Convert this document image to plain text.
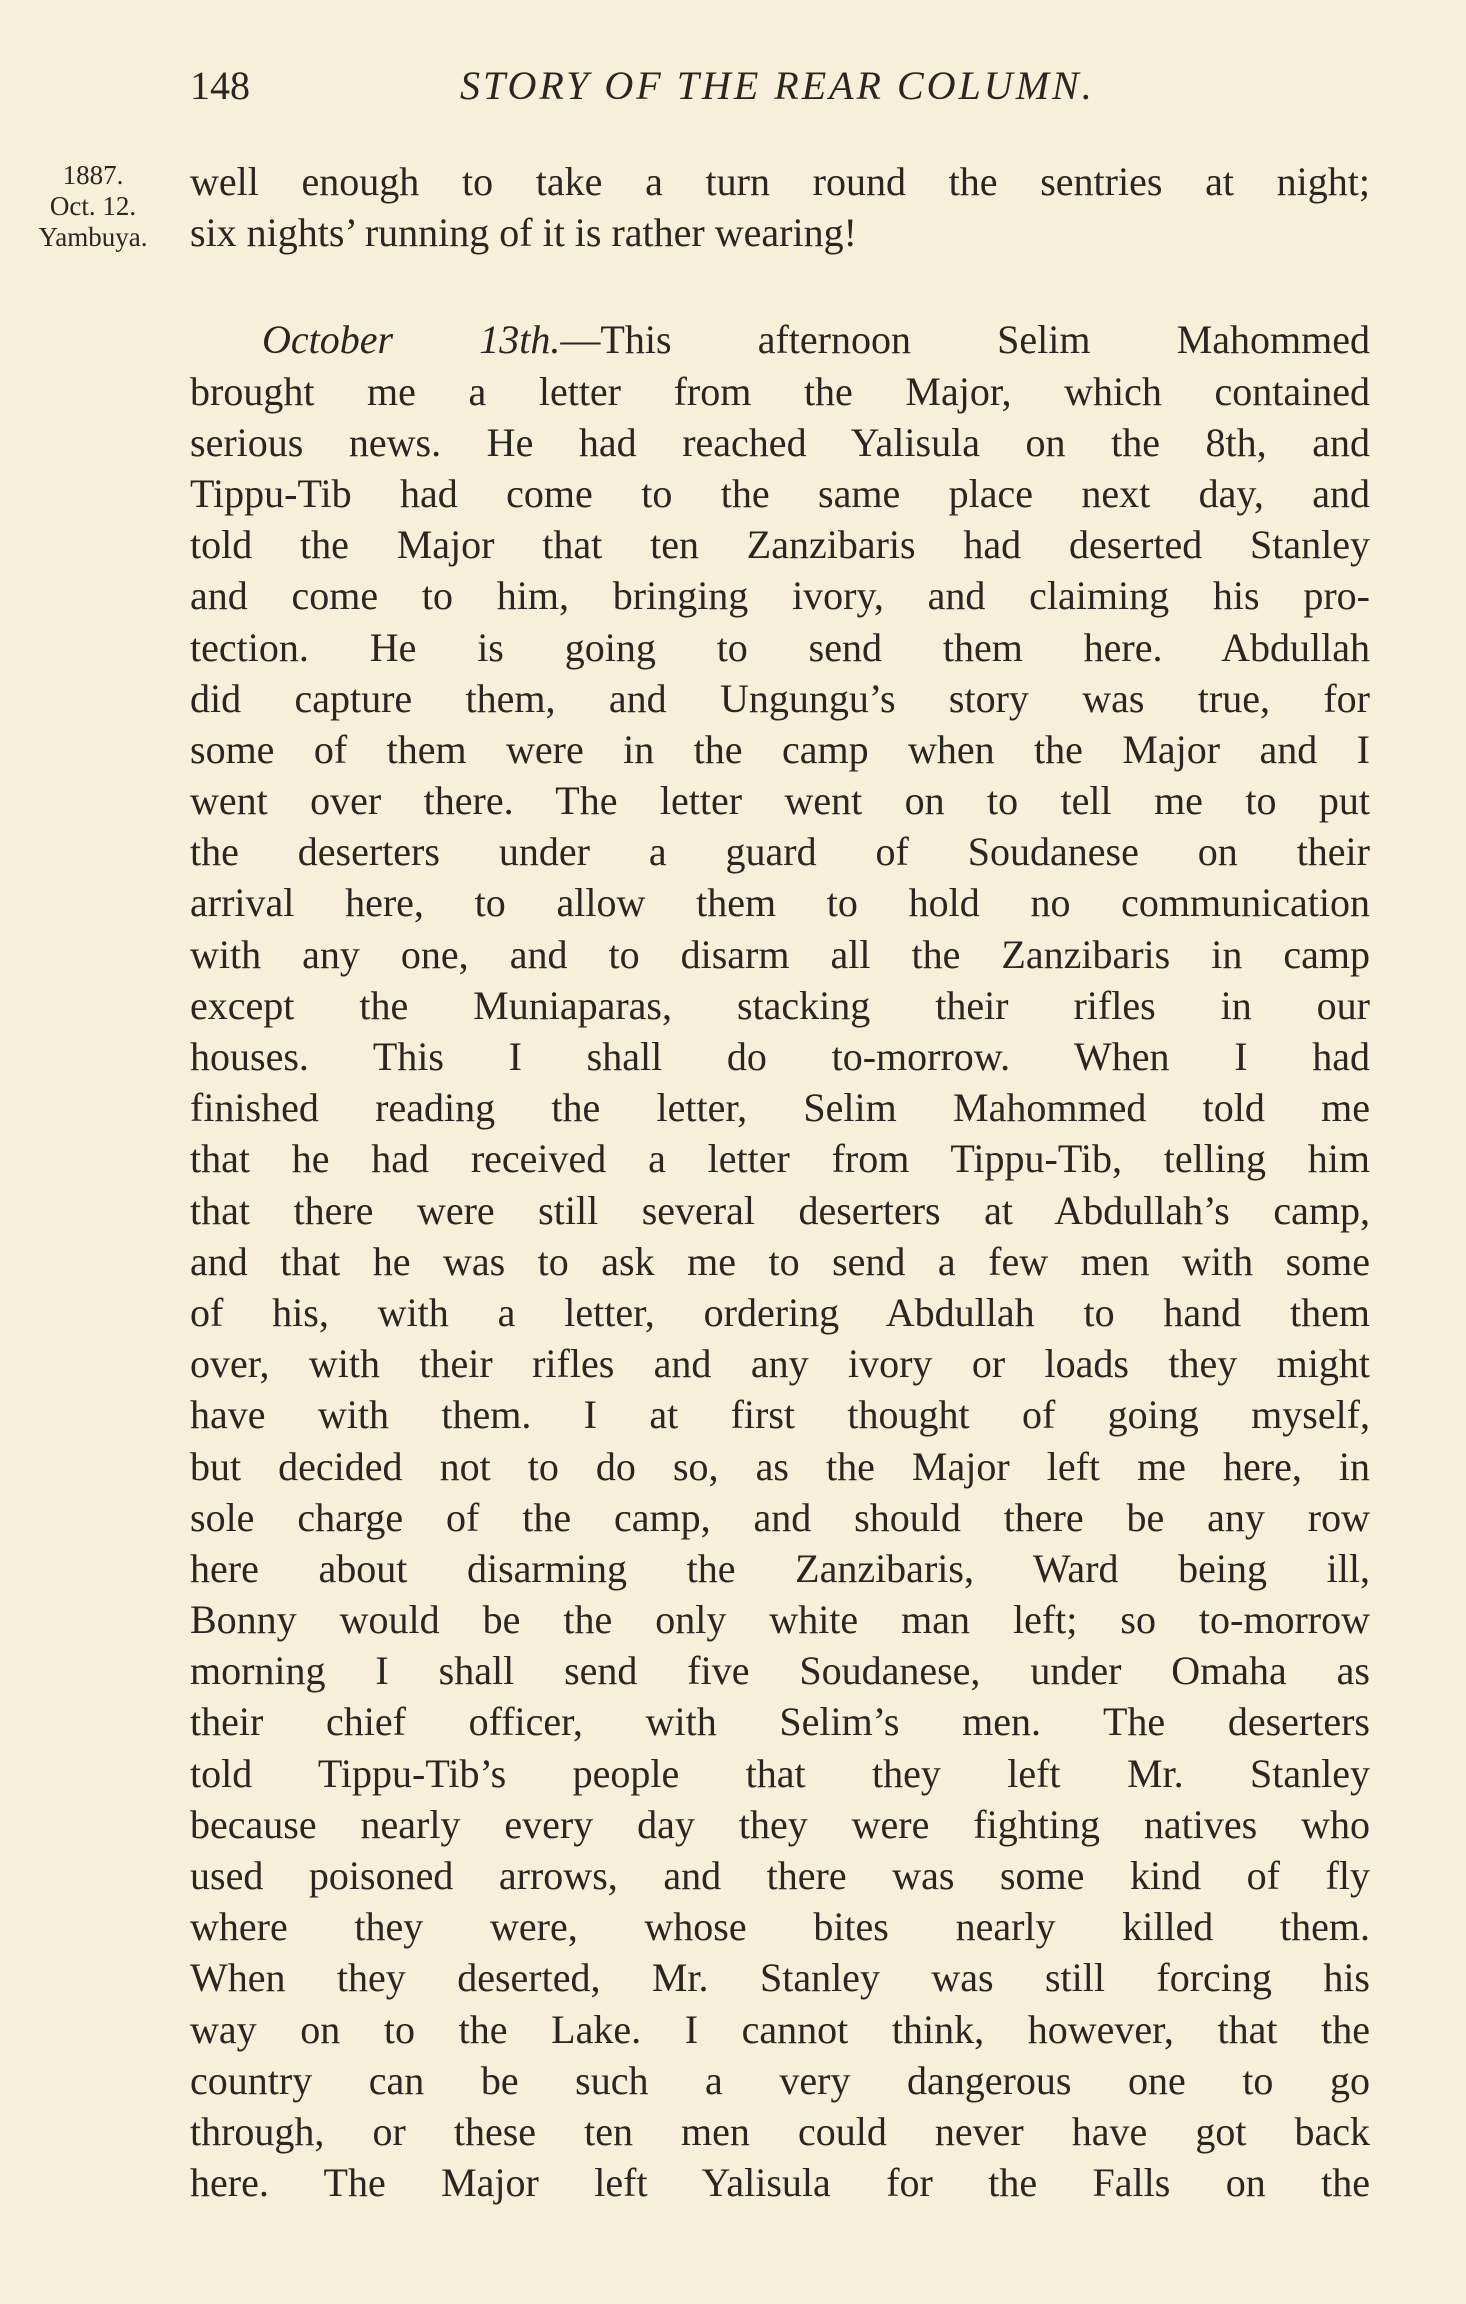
148	STORY OF THE REAR COLUMN.
1887.
Oct. 12.
Yambuya.
well enough to take a turn round the sentries at night;
six nights’ running of it is rather wearing!
October 13th.—This afternoon Selim Mahommed
brought me a letter from the Major, which contained
serious news. He had reached Yalisula on the 8th, and
Tippu-Tib had come to the same place next day, and
told the Major that ten Zanzibaris had deserted Stanley
and come to him, bringing ivory, and claiming his pro-
tection. He is going to send them here. Abdullah
did capture them, and Ungungu’s story was true, for
some of them were in the camp when the Major and I
went over there. The letter went on to tell me to put
the deserters under a guard of Soudanese on their
arrival here, to allow them to hold no communication
with any one, and to disarm all the Zanzibaris in camp
except the Muniaparas, stacking their rifles in our
houses. This I shall do to-morrow. When I had
finished reading the letter, Selim Mahommed told me
that he had received a letter from Tippu-Tib, telling him
that there were still several deserters at Abdullah’s camp,
and that he was to ask me to send a few men with some
of his, with a letter, ordering Abdullah to hand them
over, with their rifles and any ivory or loads they might
have with them. I at first thought of going myself,
but decided not to do so, as the Major left me here, in
sole charge of the camp, and should there be any row
here about disarming the Zanzibaris, Ward being ill,
Bonny would be the only white man left; so to-morrow
morning I shall send five Soudanese, under Omaha as
their chief officer, with Selim’s men. The deserters
told Tippu-Tib’s people that they left Mr. Stanley
because nearly every day they were fighting natives who
used poisoned arrows, and there was some kind of fly
where they were, whose bites nearly killed them.
When they deserted, Mr. Stanley was still forcing his
way on to the Lake. I cannot think, however, that the
country can be such a very dangerous one to go
through, or these ten men could never have got back
here. The Major left Yalisula for the Falls on the
